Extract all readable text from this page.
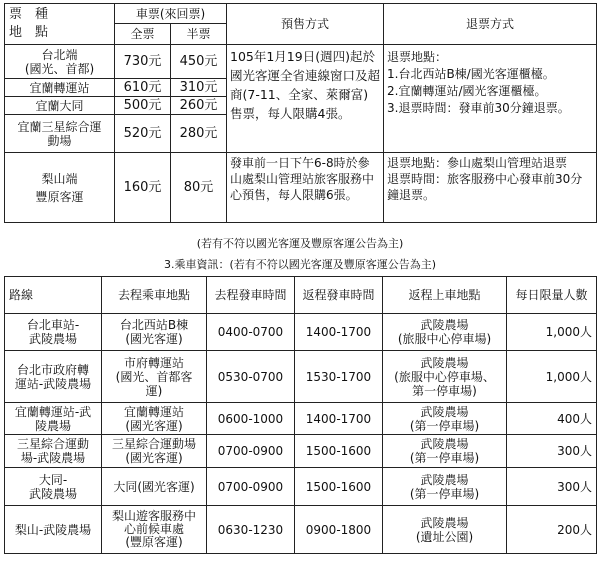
票　種
地　點	車票(來回票)		預售方式	退票方式
	全票	半票		
台北端
(國光、首都)	730元	450元	105年1月19日(週四)起於國光客運全省連線窗口及超商(7-11、全家、萊爾富)售票，每人限購4張。	退票地點：
1.台北西站B棟/國光客運櫃檯。
2.宜蘭轉運站/國光客運櫃檯。
3.退票時間：發車前30分鐘退票。
宜蘭轉運站	610元	310元		
宜蘭大同	500元	260元		
宜蘭三星綜合運
動場	520元	280元		
梨山端
豐原客運	160元	80元	發車前一日下午6-8時於參山處梨山管理站旅客服務中心預售，每人限購6張。	退票地點：參山處梨山管理站退票
退票時間：旅客服務中心發車前30分鐘退票。
(若有不符以國光客運及豐原客運公告為主)
3.乘車資訊：(若有不符以國光客運及豐原客運公告為主)
路線	去程乘車地點	去程發車時間	返程發車時間	返程上車地點	每日限量人數
台北車站-
武陵農場	台北西站B棟
(國光客運)	0400-0700	1400-1700	武陵農場
(旅服中心停車場)	1,000人
台北市政府轉
運站-武陵農場	市府轉運站
(國光、首都客
運)	0530-0700	1530-1700	武陵農場
(旅服中心停車場、
第一停車場)	1,000人
宜蘭轉運站-武
陵農場	宜蘭轉運站
(國光客運)	0600-1000	1400-1700	武陵農場
(第一停車場)	400人
三星綜合運動
場-武陵農場	三星綜合運動場
(國光客運)	0700-0900	1500-1600	武陵農場
(第一停車場)	300人
大同-
武陵農場	大同(國光客運)	0700-0900	1500-1600	武陵農場
(第一停車場)	300人
梨山-武陵農場	梨山遊客服務中
心前候車處
(豐原客運)	0630-1230	0900-1800	武陵農場
(遺址公園)	200人
